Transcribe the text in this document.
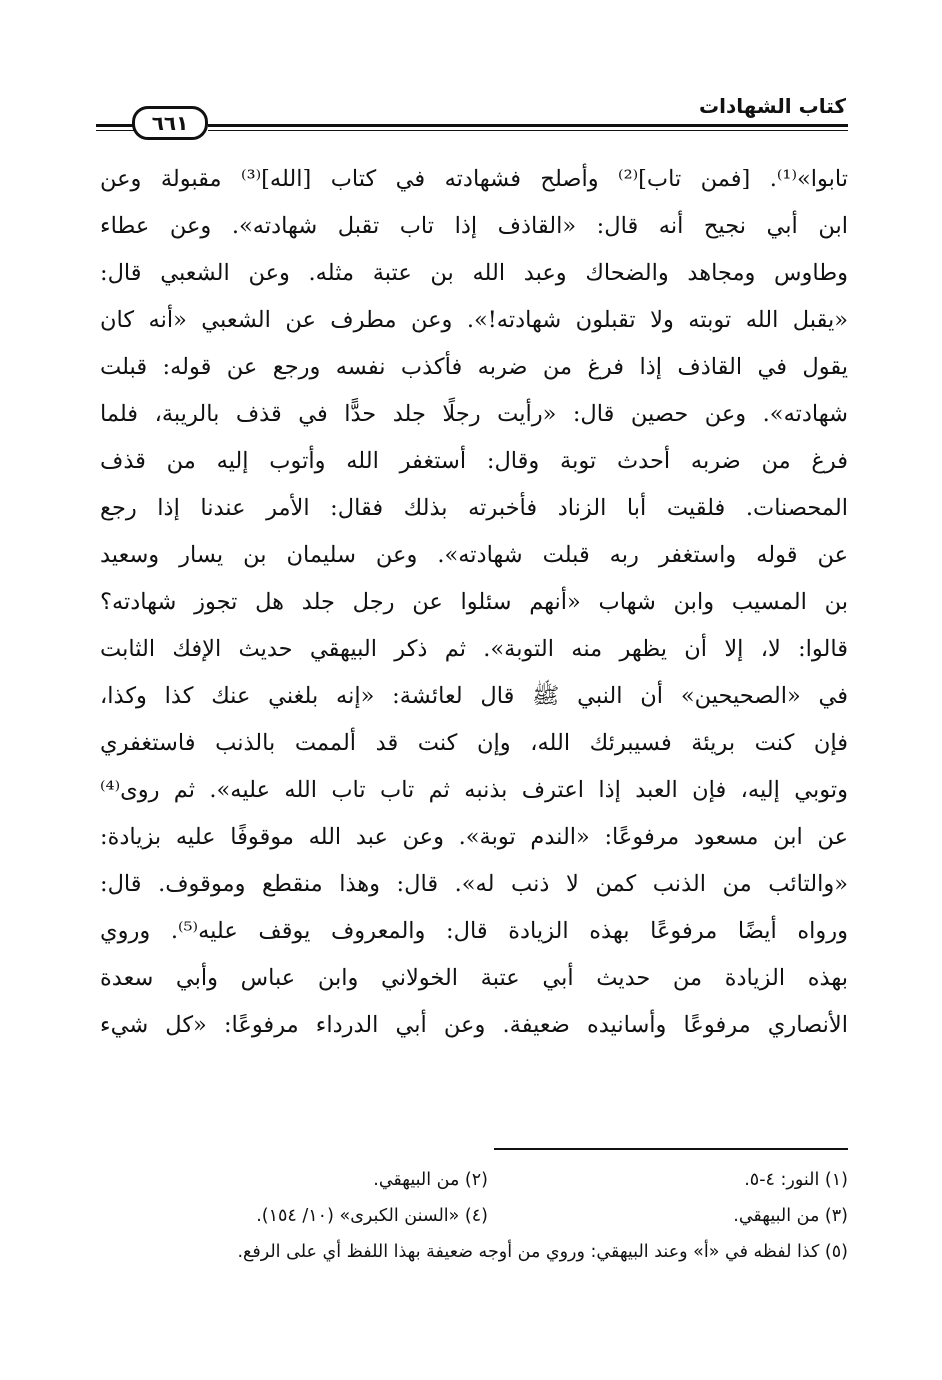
كتاب الشهادات
٦٦١
تابوا»⁽¹⁾. [فمن تاب]⁽²⁾ وأصلح فشهادته في كتاب [الله]⁽³⁾ مقبولة وعن
ابن أبي نجيح أنه قال: «القاذف إذا تاب تقبل شهادته». وعن عطاء
وطاوس ومجاهد والضحاك وعبد الله بن عتبة مثله. وعن الشعبي قال:
«يقبل الله توبته ولا تقبلون شهادته!». وعن مطرف عن الشعبي «أنه كان
يقول في القاذف إذا فرغ من ضربه فأكذب نفسه ورجع عن قوله: قبلت
شهادته». وعن حصين قال: «رأيت رجلًا جلد حدًّا في قذف بالريبة، فلما
فرغ من ضربه أحدث توبة وقال: أستغفر الله وأتوب إليه من قذف
المحصنات. فلقيت أبا الزناد فأخبرته بذلك فقال: الأمر عندنا إذا رجع
عن قوله واستغفر ربه قبلت شهادته». وعن سليمان بن يسار وسعيد
بن المسيب وابن شهاب «أنهم سئلوا عن رجل جلد هل تجوز شهادته؟
قالوا: لا، إلا أن يظهر منه التوبة». ثم ذكر البيهقي حديث الإفك الثابت
في «الصحيحين» أن النبي ﷺ قال لعائشة: «إنه بلغني عنك كذا وكذا،
فإن كنت بريئة فسيبرئك الله، وإن كنت قد ألممت بالذنب فاستغفري
وتوبي إليه، فإن العبد إذا اعترف بذنبه ثم تاب تاب الله عليه». ثم روى⁽⁴⁾
عن ابن مسعود مرفوعًا: «الندم توبة». وعن عبد الله موقوفًا عليه بزيادة:
«والتائب من الذنب كمن لا ذنب له». قال: وهذا منقطع وموقوف. قال:
ورواه أيضًا مرفوعًا بهذه الزيادة قال: والمعروف يوقف عليه⁽⁵⁾. وروي
بهذه الزيادة من حديث أبي عتبة الخولاني وابن عباس وأبي سعدة
الأنصاري مرفوعًا وأسانيده ضعيفة. وعن أبي الدرداء مرفوعًا: «كل شيء
(١) النور: ٤-٥.
(٢) من البيهقي.
(٣) من البيهقي.
(٤) «السنن الكبرى» (١٠/ ١٥٤).
(٥) كذا لفظه في «أ» وعند البيهقي: وروي من أوجه ضعيفة بهذا اللفظ أي على الرفع.
